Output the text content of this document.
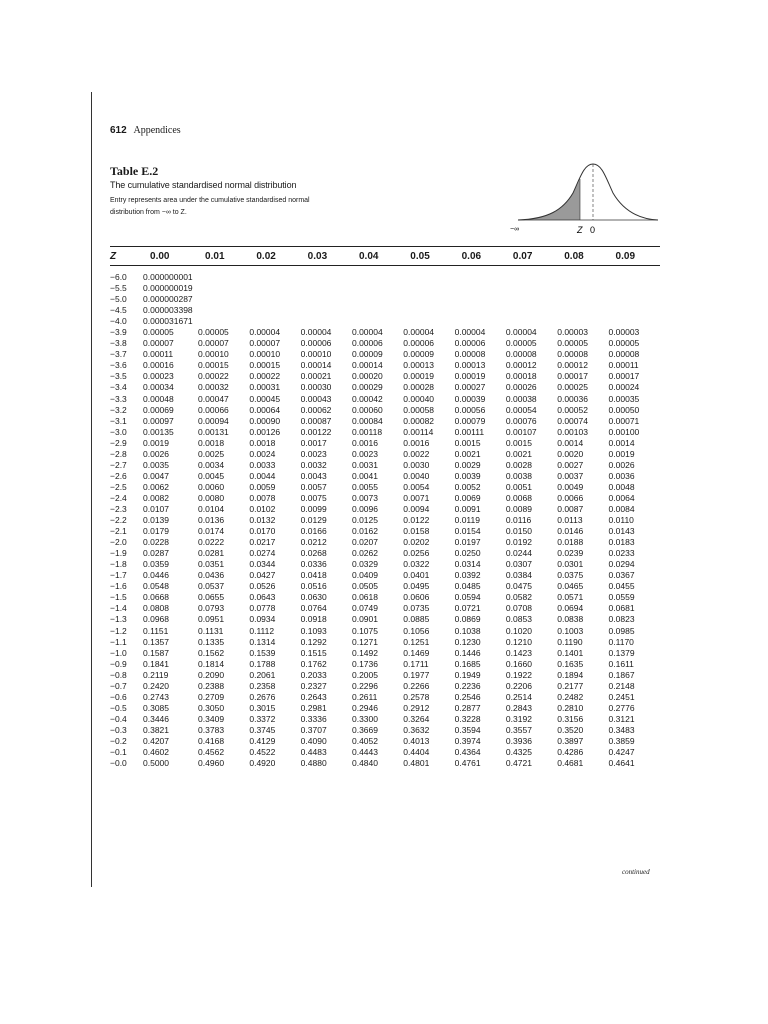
612 Appendices
Table E.2
The cumulative standardised normal distribution
Entry represents area under the cumulative standardised normal distribution from −∞ to Z.
−∞	Z 0
Z	0.00	0.01	0.02	0.03	0.04	0.05	0.06	0.07	0.08	0.09
−6.0	0.000000001									
−5.5	0.000000019									
−5.0	0.000000287									
−4.5	0.000003398									
−4.0	0.000031671									
−3.9	0.00005	0.00005	0.00004	0.00004	0.00004	0.00004	0.00004	0.00004	0.00003	0.00003
−3.8	0.00007	0.00007	0.00007	0.00006	0.00006	0.00006	0.00006	0.00005	0.00005	0.00005
−3.7	0.00011	0.00010	0.00010	0.00010	0.00009	0.00009	0.00008	0.00008	0.00008	0.00008
−3.6	0.00016	0.00015	0.00015	0.00014	0.00014	0.00013	0.00013	0.00012	0.00012	0.00011
−3.5	0.00023	0.00022	0.00022	0.00021	0.00020	0.00019	0.00019	0.00018	0.00017	0.00017
−3.4	0.00034	0.00032	0.00031	0.00030	0.00029	0.00028	0.00027	0.00026	0.00025	0.00024
−3.3	0.00048	0.00047	0.00045	0.00043	0.00042	0.00040	0.00039	0.00038	0.00036	0.00035
−3.2	0.00069	0.00066	0.00064	0.00062	0.00060	0.00058	0.00056	0.00054	0.00052	0.00050
−3.1	0.00097	0.00094	0.00090	0.00087	0.00084	0.00082	0.00079	0.00076	0.00074	0.00071
−3.0	0.00135	0.00131	0.00126	0.00122	0.00118	0.00114	0.00111	0.00107	0.00103	0.00100
−2.9	0.0019	0.0018	0.0018	0.0017	0.0016	0.0016	0.0015	0.0015	0.0014	0.0014
−2.8	0.0026	0.0025	0.0024	0.0023	0.0023	0.0022	0.0021	0.0021	0.0020	0.0019
−2.7	0.0035	0.0034	0.0033	0.0032	0.0031	0.0030	0.0029	0.0028	0.0027	0.0026
−2.6	0.0047	0.0045	0.0044	0.0043	0.0041	0.0040	0.0039	0.0038	0.0037	0.0036
−2.5	0.0062	0.0060	0.0059	0.0057	0.0055	0.0054	0.0052	0.0051	0.0049	0.0048
−2.4	0.0082	0.0080	0.0078	0.0075	0.0073	0.0071	0.0069	0.0068	0.0066	0.0064
−2.3	0.0107	0.0104	0.0102	0.0099	0.0096	0.0094	0.0091	0.0089	0.0087	0.0084
−2.2	0.0139	0.0136	0.0132	0.0129	0.0125	0.0122	0.0119	0.0116	0.0113	0.0110
−2.1	0.0179	0.0174	0.0170	0.0166	0.0162	0.0158	0.0154	0.0150	0.0146	0.0143
−2.0	0.0228	0.0222	0.0217	0.0212	0.0207	0.0202	0.0197	0.0192	0.0188	0.0183
−1.9	0.0287	0.0281	0.0274	0.0268	0.0262	0.0256	0.0250	0.0244	0.0239	0.0233
−1.8	0.0359	0.0351	0.0344	0.0336	0.0329	0.0322	0.0314	0.0307	0.0301	0.0294
−1.7	0.0446	0.0436	0.0427	0.0418	0.0409	0.0401	0.0392	0.0384	0.0375	0.0367
−1.6	0.0548	0.0537	0.0526	0.0516	0.0505	0.0495	0.0485	0.0475	0.0465	0.0455
−1.5	0.0668	0.0655	0.0643	0.0630	0.0618	0.0606	0.0594	0.0582	0.0571	0.0559
−1.4	0.0808	0.0793	0.0778	0.0764	0.0749	0.0735	0.0721	0.0708	0.0694	0.0681
−1.3	0.0968	0.0951	0.0934	0.0918	0.0901	0.0885	0.0869	0.0853	0.0838	0.0823
−1.2	0.1151	0.1131	0.1112	0.1093	0.1075	0.1056	0.1038	0.1020	0.1003	0.0985
−1.1	0.1357	0.1335	0.1314	0.1292	0.1271	0.1251	0.1230	0.1210	0.1190	0.1170
−1.0	0.1587	0.1562	0.1539	0.1515	0.1492	0.1469	0.1446	0.1423	0.1401	0.1379
−0.9	0.1841	0.1814	0.1788	0.1762	0.1736	0.1711	0.1685	0.1660	0.1635	0.1611
−0.8	0.2119	0.2090	0.2061	0.2033	0.2005	0.1977	0.1949	0.1922	0.1894	0.1867
−0.7	0.2420	0.2388	0.2358	0.2327	0.2296	0.2266	0.2236	0.2206	0.2177	0.2148
−0.6	0.2743	0.2709	0.2676	0.2643	0.2611	0.2578	0.2546	0.2514	0.2482	0.2451
−0.5	0.3085	0.3050	0.3015	0.2981	0.2946	0.2912	0.2877	0.2843	0.2810	0.2776
−0.4	0.3446	0.3409	0.3372	0.3336	0.3300	0.3264	0.3228	0.3192	0.3156	0.3121
−0.3	0.3821	0.3783	0.3745	0.3707	0.3669	0.3632	0.3594	0.3557	0.3520	0.3483
−0.2	0.4207	0.4168	0.4129	0.4090	0.4052	0.4013	0.3974	0.3936	0.3897	0.3859
−0.1	0.4602	0.4562	0.4522	0.4483	0.4443	0.4404	0.4364	0.4325	0.4286	0.4247
−0.0	0.5000	0.4960	0.4920	0.4880	0.4840	0.4801	0.4761	0.4721	0.4681	0.4641
continued
